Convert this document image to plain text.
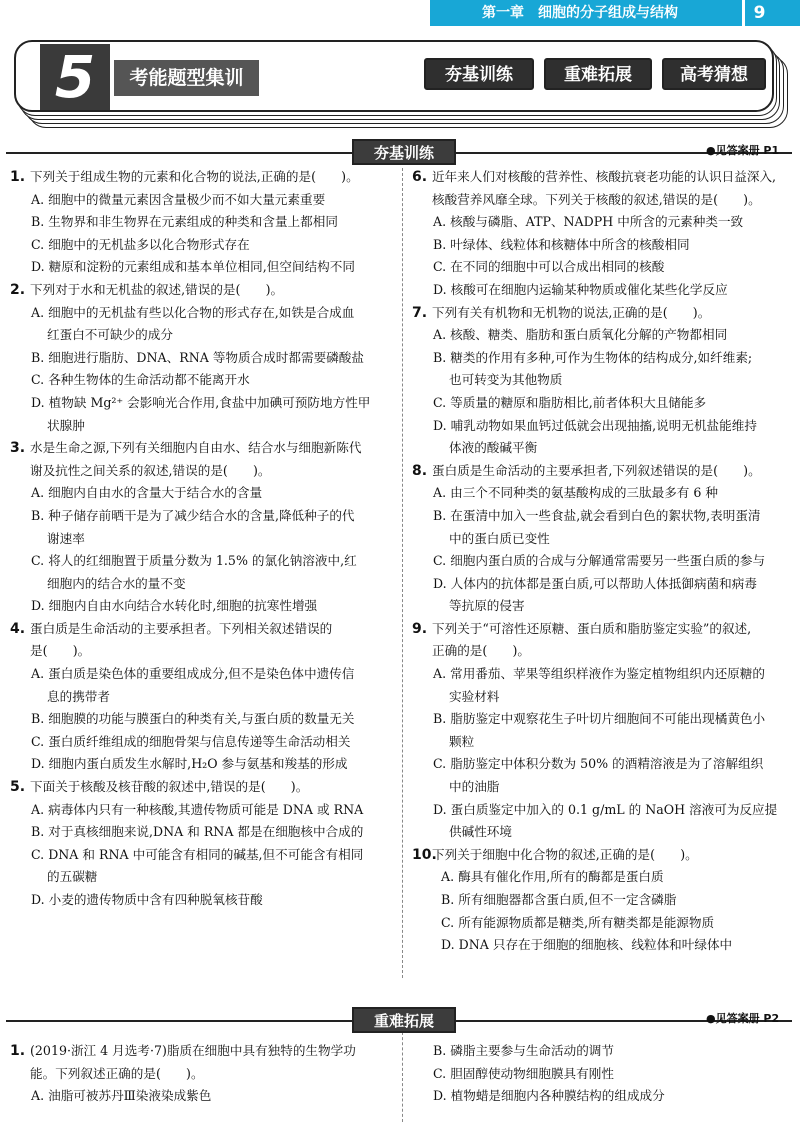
第一章　细胞的分子组成与结构	9
5	考能题型集训	夯基训练	重难拓展	高考猜想
夯基训练	●见答案册 P1
1. 下列关于组成生物的元素和化合物的说法,正确的是(　　)。
A. 细胞中的微量元素因含量极少而不如大量元素重要
B. 生物界和非生物界在元素组成的种类和含量上都相同
C. 细胞中的无机盐多以化合物形式存在
D. 糖原和淀粉的元素组成和基本单位相同,但空间结构不同
2. 下列对于水和无机盐的叙述,错误的是(　　)。
A. 细胞中的无机盐有些以化合物的形式存在,如铁是合成血
红蛋白不可缺少的成分
B. 细胞进行脂肪、DNA、RNA 等物质合成时都需要磷酸盐
C. 各种生物体的生命活动都不能离开水
D. 植物缺 Mg²⁺ 会影响光合作用,食盐中加碘可预防地方性甲
状腺肿
3. 水是生命之源,下列有关细胞内自由水、结合水与细胞新陈代
谢及抗性之间关系的叙述,错误的是(　　)。
A. 细胞内自由水的含量大于结合水的含量
B. 种子储存前晒干是为了减少结合水的含量,降低种子的代
谢速率
C. 将人的红细胞置于质量分数为 1.5% 的氯化钠溶液中,红
细胞内的结合水的量不变
D. 细胞内自由水向结合水转化时,细胞的抗寒性增强
4. 蛋白质是生命活动的主要承担者。下列相关叙述错误的
是(　　)。
A. 蛋白质是染色体的重要组成成分,但不是染色体中遗传信
息的携带者
B. 细胞膜的功能与膜蛋白的种类有关,与蛋白质的数量无关
C. 蛋白质纤维组成的细胞骨架与信息传递等生命活动相关
D. 细胞内蛋白质发生水解时,H₂O 参与氨基和羧基的形成
5. 下面关于核酸及核苷酸的叙述中,错误的是(　　)。
A. 病毒体内只有一种核酸,其遗传物质可能是 DNA 或 RNA
B. 对于真核细胞来说,DNA 和 RNA 都是在细胞核中合成的
C. DNA 和 RNA 中可能含有相同的碱基,但不可能含有相同
的五碳糖
D. 小麦的遗传物质中含有四种脱氧核苷酸
6. 近年来人们对核酸的营养性、核酸抗衰老功能的认识日益深入,
核酸营养风靡全球。下列关于核酸的叙述,错误的是(　　)。
A. 核酸与磷脂、ATP、NADPH 中所含的元素种类一致
B. 叶绿体、线粒体和核糖体中所含的核酸相同
C. 在不同的细胞中可以合成出相同的核酸
D. 核酸可在细胞内运输某种物质或催化某些化学反应
7. 下列有关有机物和无机物的说法,正确的是(　　)。
A. 核酸、糖类、脂肪和蛋白质氧化分解的产物都相同
B. 糖类的作用有多种,可作为生物体的结构成分,如纤维素;
也可转变为其他物质
C. 等质量的糖原和脂肪相比,前者体积大且储能多
D. 哺乳动物如果血钙过低就会出现抽搐,说明无机盐能维持
体液的酸碱平衡
8. 蛋白质是生命活动的主要承担者,下列叙述错误的是(　　)。
A. 由三个不同种类的氨基酸构成的三肽最多有 6 种
B. 在蛋清中加入一些食盐,就会看到白色的絮状物,表明蛋清
中的蛋白质已变性
C. 细胞内蛋白质的合成与分解通常需要另一些蛋白质的参与
D. 人体内的抗体都是蛋白质,可以帮助人体抵御病菌和病毒
等抗原的侵害
9. 下列关于“可溶性还原糖、蛋白质和脂肪鉴定实验”的叙述,
正确的是(　　)。
A. 常用番茄、苹果等组织样液作为鉴定植物组织内还原糖的
实验材料
B. 脂肪鉴定中观察花生子叶切片细胞间不可能出现橘黄色小
颗粒
C. 脂肪鉴定中体积分数为 50% 的酒精溶液是为了溶解组织
中的油脂
D. 蛋白质鉴定中加入的 0.1 g/mL 的 NaOH 溶液可为反应提
供碱性环境
10.下列关于细胞中化合物的叙述,正确的是(　　)。
A. 酶具有催化作用,所有的酶都是蛋白质
B. 所有细胞器都含蛋白质,但不一定含磷脂
C. 所有能源物质都是糖类,所有糖类都是能源物质
D. DNA 只存在于细胞的细胞核、线粒体和叶绿体中
重难拓展	●见答案册 P2
1. (2019·浙江 4 月选考·7)脂质在细胞中具有独特的生物学功
能。下列叙述正确的是(　　)。
A. 油脂可被苏丹Ⅲ染液染成紫色
B. 磷脂主要参与生命活动的调节
C. 胆固醇使动物细胞膜具有刚性
D. 植物蜡是细胞内各种膜结构的组成成分
